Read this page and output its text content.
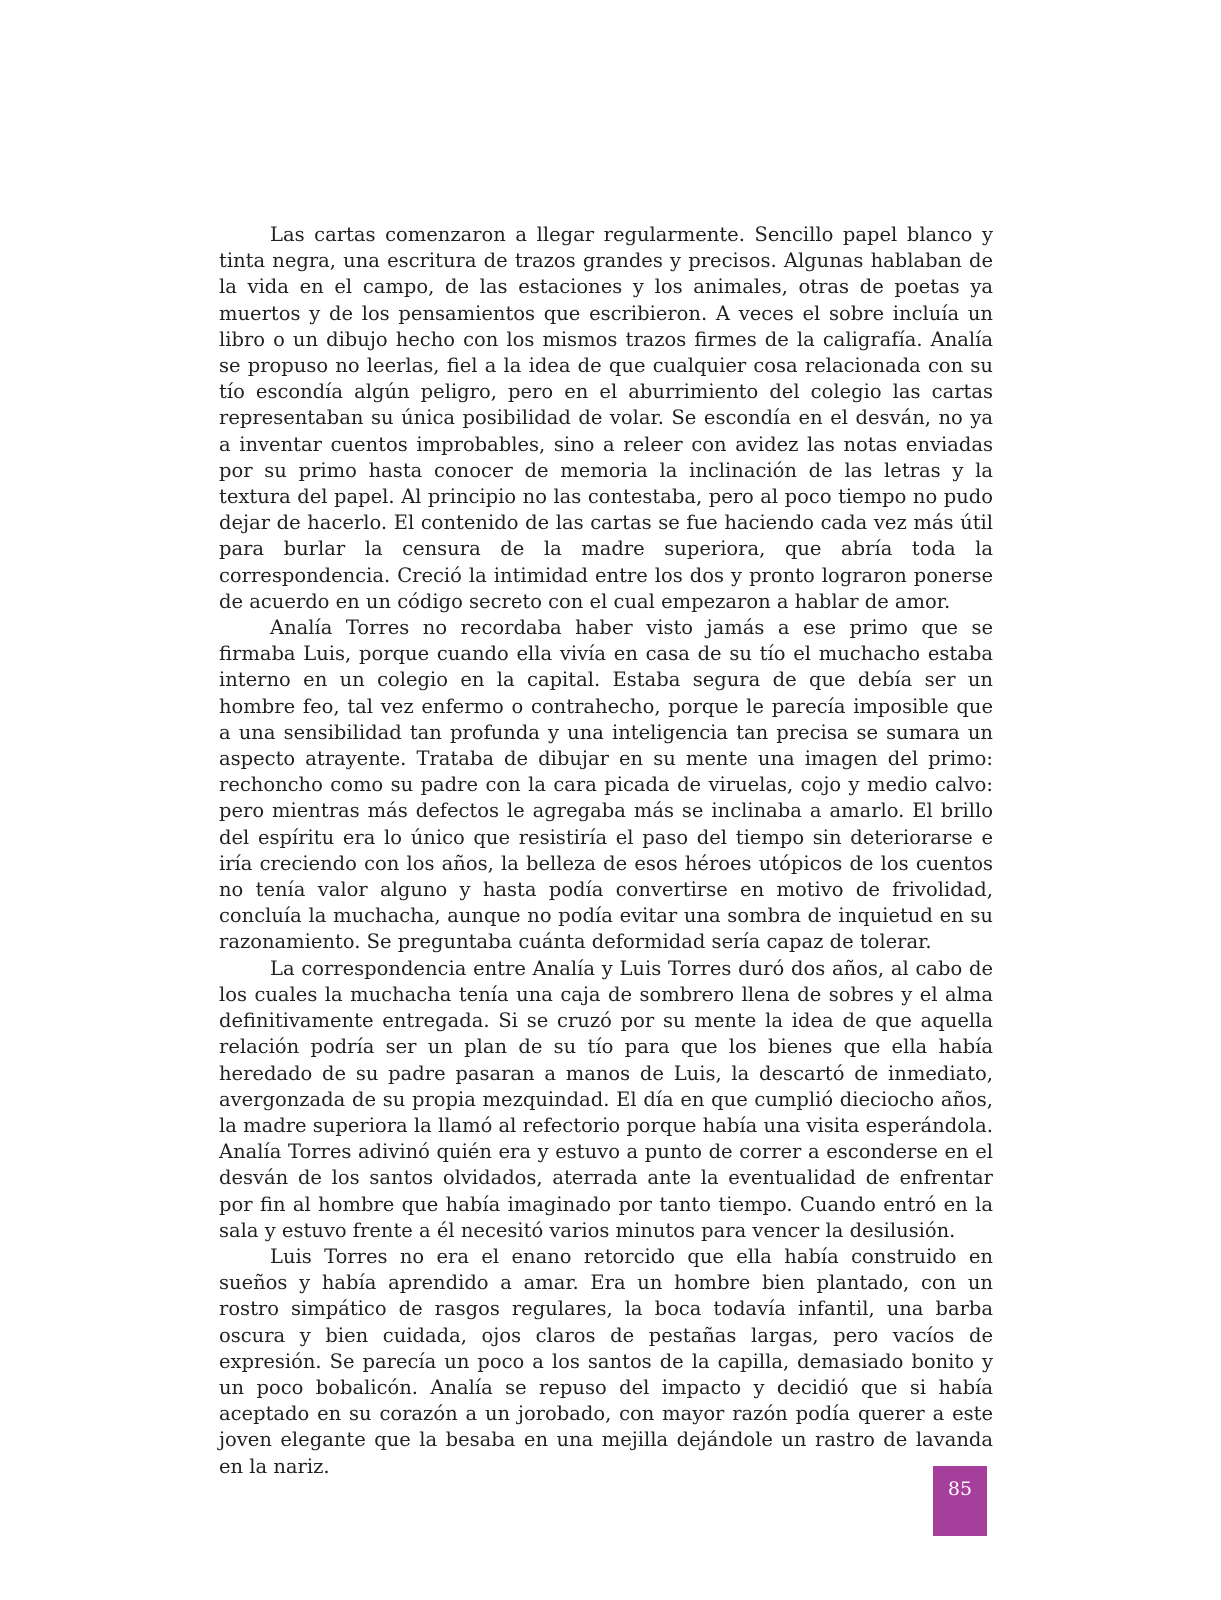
Las cartas comenzaron a llegar regularmente. Sencillo papel blanco y tinta negra, una escritura de trazos grandes y precisos. Algunas hablaban de la vida en el campo, de las estaciones y los animales, otras de poetas ya muertos y de los pensamientos que escribieron. A veces el sobre incluía un libro o un dibujo hecho con los mismos trazos firmes de la caligrafía. Analía se propuso no leerlas, fiel a la idea de que cualquier cosa relacionada con su tío escondía algún peligro, pero en el aburrimiento del colegio las cartas representaban su única posibilidad de volar. Se escondía en el desván, no ya a inventar cuentos improbables, sino a releer con avidez las notas enviadas por su primo hasta conocer de memoria la inclinación de las letras y la textura del papel. Al principio no las contestaba, pero al poco tiempo no pudo dejar de hacerlo. El contenido de las cartas se fue haciendo cada vez más útil para burlar la censura de la madre superiora, que abría toda la correspondencia. Creció la intimidad entre los dos y pronto lograron ponerse de acuerdo en un código secreto con el cual empezaron a hablar de amor.

Analía Torres no recordaba haber visto jamás a ese primo que se firmaba Luis, porque cuando ella vivía en casa de su tío el muchacho estaba interno en un colegio en la capital. Estaba segura de que debía ser un hombre feo, tal vez enfermo o contrahecho, porque le parecía imposible que a una sensibilidad tan profunda y una inteligencia tan precisa se sumara un aspecto atrayente. Trataba de dibujar en su mente una imagen del primo: rechoncho como su padre con la cara picada de viruelas, cojo y medio calvo: pero mientras más defectos le agregaba más se inclinaba a amarlo. El brillo del espíritu era lo único que resistiría el paso del tiempo sin deteriorarse e iría creciendo con los años, la belleza de esos héroes utópicos de los cuentos no tenía valor alguno y hasta podía convertirse en motivo de frivolidad, concluía la muchacha, aunque no podía evitar una sombra de inquietud en su razonamiento. Se preguntaba cuánta deformidad sería capaz de tolerar.

La correspondencia entre Analía y Luis Torres duró dos años, al cabo de los cuales la muchacha tenía una caja de sombrero llena de sobres y el alma definitivamente entregada. Si se cruzó por su mente la idea de que aquella relación podría ser un plan de su tío para que los bienes que ella había heredado de su padre pasaran a manos de Luis, la descartó de inmediato, avergonzada de su propia mezquindad. El día en que cumplió dieciocho años, la madre superiora la llamó al refectorio porque había una visita esperándola. Analía Torres adivinó quién era y estuvo a punto de correr a esconderse en el desván de los santos olvidados, aterrada ante la eventualidad de enfrentar por fin al hombre que había imaginado por tanto tiempo. Cuando entró en la sala y estuvo frente a él necesitó varios minutos para vencer la desilusión.

Luis Torres no era el enano retorcido que ella había construido en sueños y había aprendido a amar. Era un hombre bien plantado, con un rostro simpático de rasgos regulares, la boca todavía infantil, una barba oscura y bien cuidada, ojos claros de pestañas largas, pero vacíos de expresión. Se parecía un poco a los santos de la capilla, demasiado bonito y un poco bobalicón. Analía se repuso del impacto y decidió que si había aceptado en su corazón a un jorobado, con mayor razón podía querer a este joven elegante que la besaba en una mejilla dejándole un rastro de lavanda en la nariz.

85
